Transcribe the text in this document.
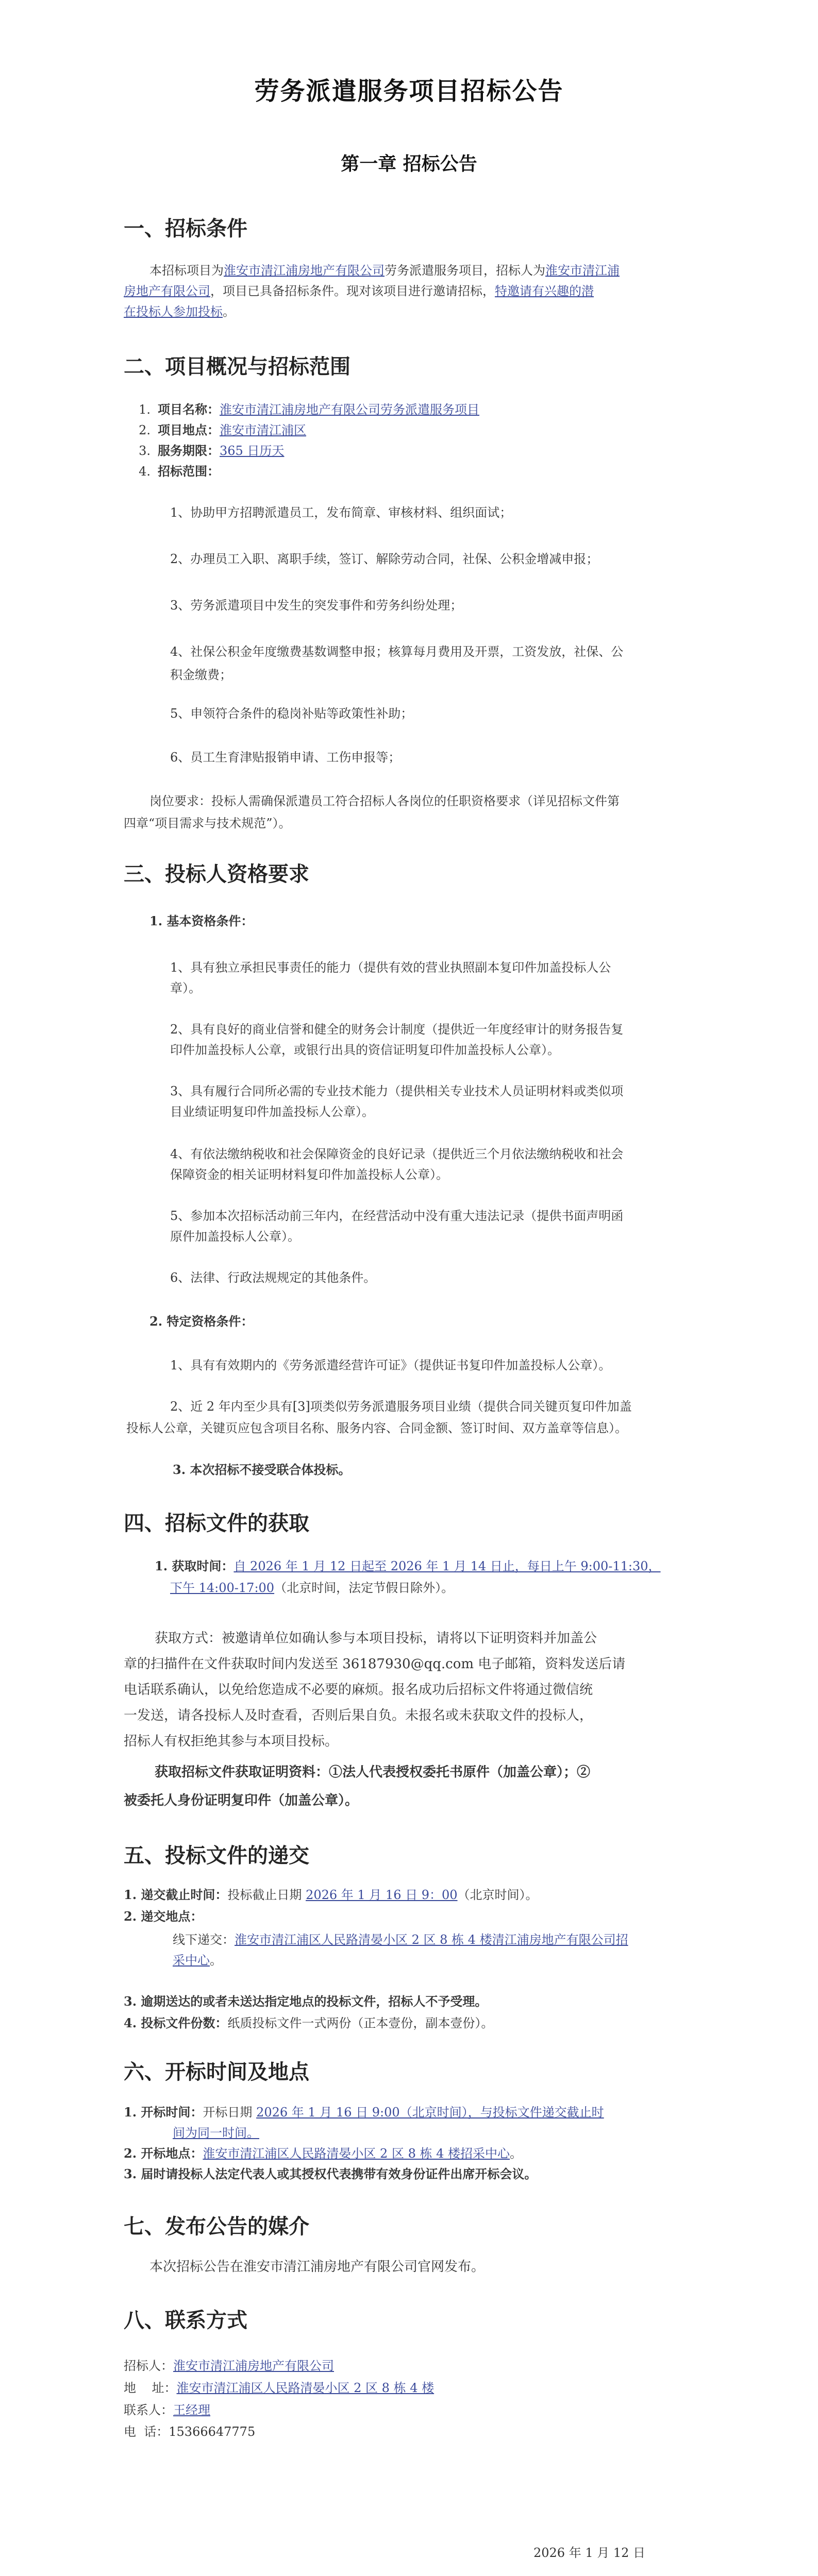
劳务派遣服务项目招标公告
第一章 招标公告
一、招标条件
本招标项目为淮安市清江浦房地产有限公司劳务派遣服务项目，招标人为淮安市清江浦
房地产有限公司，项目已具备招标条件。现对该项目进行邀请招标，特邀请有兴趣的潜
在投标人参加投标。
二、项目概况与招标范围
1. 项目名称：淮安市清江浦房地产有限公司劳务派遣服务项目
2. 项目地点：淮安市清江浦区
3. 服务期限：365 日历天
4. 招标范围：
1、协助甲方招聘派遣员工，发布简章、审核材料、组织面试；
2、办理员工入职、离职手续，签订、解除劳动合同，社保、公积金增减申报；
3、劳务派遣项目中发生的突发事件和劳务纠纷处理；
4、社保公积金年度缴费基数调整申报；核算每月费用及开票，工资发放，社保、公
积金缴费；
5、申领符合条件的稳岗补贴等政策性补助；
6、员工生育津贴报销申请、工伤申报等；
岗位要求：投标人需确保派遣员工符合招标人各岗位的任职资格要求（详见招标文件第
四章“项目需求与技术规范”）。
三、投标人资格要求
1. 基本资格条件：
1、具有独立承担民事责任的能力（提供有效的营业执照副本复印件加盖投标人公
章）。
2、具有良好的商业信誉和健全的财务会计制度（提供近一年度经审计的财务报告复
印件加盖投标人公章，或银行出具的资信证明复印件加盖投标人公章）。
3、具有履行合同所必需的专业技术能力（提供相关专业技术人员证明材料或类似项
目业绩证明复印件加盖投标人公章）。
4、有依法缴纳税收和社会保障资金的良好记录（提供近三个月依法缴纳税收和社会
保障资金的相关证明材料复印件加盖投标人公章）。
5、参加本次招标活动前三年内，在经营活动中没有重大违法记录（提供书面声明函
原件加盖投标人公章）。
6、法律、行政法规规定的其他条件。
2. 特定资格条件：
1、具有有效期内的《劳务派遣经营许可证》（提供证书复印件加盖投标人公章）。
2、近 2 年内至少具有[3]项类似劳务派遣服务项目业绩（提供合同关键页复印件加盖
投标人公章，关键页应包含项目名称、服务内容、合同金额、签订时间、双方盖章等信息）。
3. 本次招标不接受联合体投标。
四、招标文件的获取
1. 获取时间：自 2026 年 1 月 12 日起至 2026 年 1 月 14 日止，每日上午 9:00-11:30，
下午 14:00-17:00（北京时间，法定节假日除外）。
获取方式：被邀请单位如确认参与本项目投标，请将以下证明资料并加盖公
章的扫描件在文件获取时间内发送至 36187930@qq.com 电子邮箱，资料发送后请
电话联系确认，以免给您造成不必要的麻烦。报名成功后招标文件将通过微信统
一发送，请各投标人及时查看，否则后果自负。未报名或未获取文件的投标人，
招标人有权拒绝其参与本项目投标。
获取招标文件获取证明资料：①法人代表授权委托书原件（加盖公章）；②
被委托人身份证明复印件（加盖公章）。
五、投标文件的递交
1. 递交截止时间：投标截止日期 2026 年 1 月 16 日 9：00（北京时间）。
2. 递交地点：
线下递交：淮安市清江浦区人民路清晏小区 2 区 8 栋 4 楼清江浦房地产有限公司招
采中心。
3. 逾期送达的或者未送达指定地点的投标文件，招标人不予受理。
4. 投标文件份数：纸质投标文件一式两份（正本壹份，副本壹份）。
六、开标时间及地点
1. 开标时间：开标日期 2026 年 1 月 16 日 9:00（北京时间），与投标文件递交截止时
间为同一时间。
2. 开标地点：淮安市清江浦区人民路清晏小区 2 区 8 栋 4 楼招采中心。
3. 届时请投标人法定代表人或其授权代表携带有效身份证件出席开标会议。
七、发布公告的媒介
本次招标公告在淮安市清江浦房地产有限公司官网发布。
八、联系方式
招标人：淮安市清江浦房地产有限公司
地    址：淮安市清江浦区人民路清晏小区 2 区 8 栋 4 楼
联系人：王经理
电  话：15366647775
2026 年 1 月 12 日
